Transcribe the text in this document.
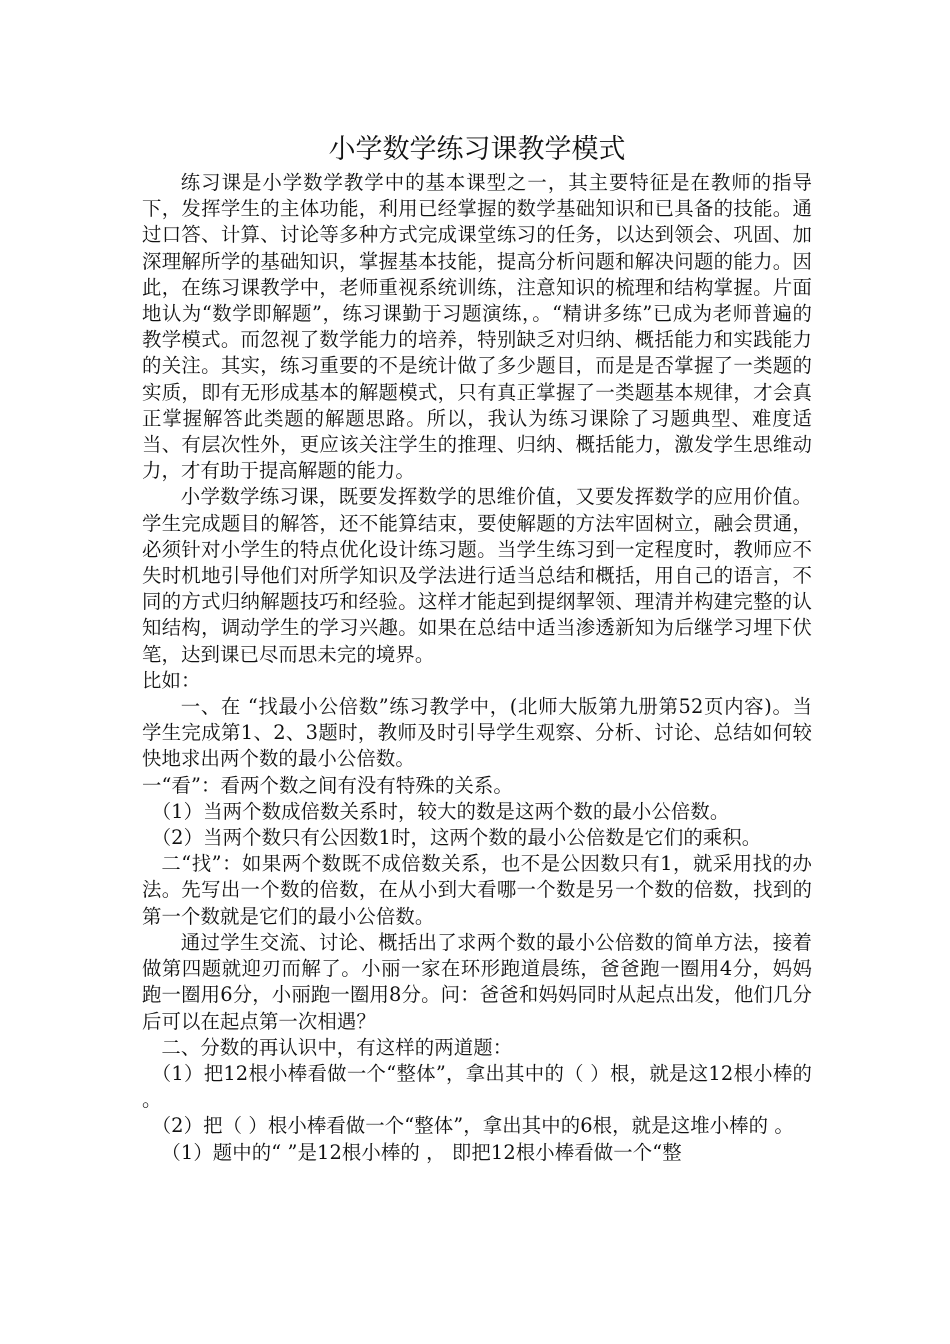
小学数学练习课教学模式

练习课是小学数学教学中的基本课型之一，其主要特征是在教师的指导下，发挥学生的主体功能，利用已经掌握的数学基础知识和已具备的技能。通过口答、计算、讨论等多种方式完成课堂练习的任务，以达到领会、巩固、加深理解所学的基础知识，掌握基本技能，提高分析问题和解决问题的能力。因此，在练习课教学中，老师重视系统训练，注意知识的梳理和结构掌握。片面地认为“数学即解题”，练习课勤于习题演练，。“精讲多练”已成为老师普遍的教学模式。而忽视了数学能力的培养，特别缺乏对归纳、概括能力和实践能力的关注。其实，练习重要的不是统计做了多少题目，而是是否掌握了一类题的实质，即有无形成基本的解题模式，只有真正掌握了一类题基本规律，才会真正掌握解答此类题的解题思路。所以，我认为练习课除了习题典型、难度适当、有层次性外，更应该关注学生的推理、归纳、概括能力，激发学生思维动力，才有助于提高解题的能力。

小学数学练习课，既要发挥数学的思维价值，又要发挥数学的应用价值。学生完成题目的解答，还不能算结束，要使解题的方法牢固树立，融会贯通，必须针对小学生的特点优化设计练习题。当学生练习到一定程度时，教师应不失时机地引导他们对所学知识及学法进行适当总结和概括，用自己的语言，不同的方式归纳解题技巧和经验。这样才能起到提纲挈领、理清并构建完整的认知结构，调动学生的学习兴趣。如果在总结中适当渗透新知为后继学习埋下伏笔，达到课已尽而思未完的境界。

比如：

一、在 “找最小公倍数”练习教学中，(北师大版第九册第52页内容)。当学生完成第1、2、3题时，教师及时引导学生观察、分析、讨论、总结如何较快地求出两个数的最小公倍数。

一“看”：看两个数之间有没有特殊的关系。

（1）当两个数成倍数关系时，较大的数是这两个数的最小公倍数。

（2）当两个数只有公因数1时，这两个数的最小公倍数是它们的乘积。

二“找”：如果两个数既不成倍数关系，也不是公因数只有1，就采用找的办法。先写出一个数的倍数，在从小到大看哪一个数是另一个数的倍数，找到的第一个数就是它们的最小公倍数。

通过学生交流、讨论、概括出了求两个数的最小公倍数的简单方法，接着做第四题就迎刃而解了。小丽一家在环形跑道晨练，爸爸跑一圈用4分，妈妈跑一圈用6分，小丽跑一圈用8分。问：爸爸和妈妈同时从起点出发，他们几分后可以在起点第一次相遇？

二、分数的再认识中，有这样的两道题：

（1）把12根小棒看做一个“整体”，拿出其中的（ ）根，就是这12根小棒的 。

（2）把（ ）根小棒看做一个“整体”，拿出其中的6根，就是这堆小棒的 。

（1）题中的“ ”是12根小棒的 ， 即把12根小棒看做一个“整
